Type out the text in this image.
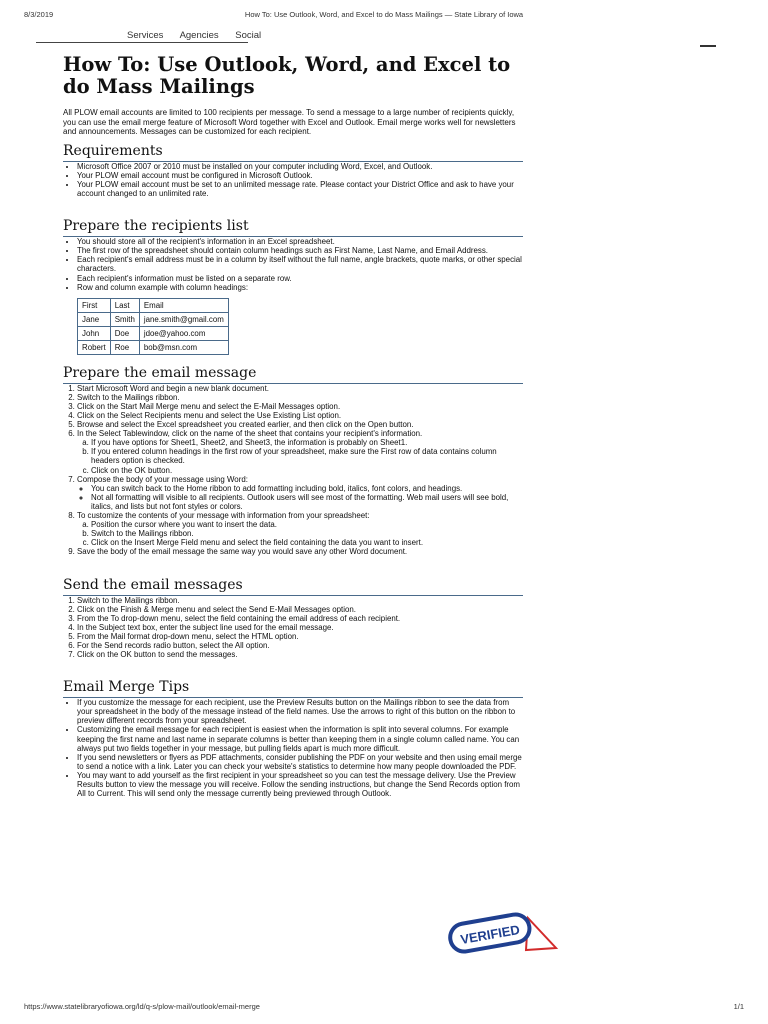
8/3/2019	How To: Use Outlook, Word, and Excel to do Mass Mailings — State Library of Iowa
Services Agencies Social
How To: Use Outlook, Word, and Excel to do Mass Mailings

All PLOW email accounts are limited to 100 recipients per message. To send a message to a large number of recipients quickly, you can use the email merge feature of Microsoft Word together with Excel and Outlook. Email merge works well for newsletters and announcements. Messages can be customized for each recipient.

Requirements
• Microsoft Office 2007 or 2010 must be installed on your computer including Word, Excel, and Outlook.
• Your PLOW email account must be configured in Microsoft Outlook.
• Your PLOW email account must be set to an unlimited message rate. Please contact your District Office and ask to have your account changed to an unlimited rate.
Prepare the recipients list
• You should store all of the recipient's information in an Excel spreadsheet.
• The first row of the spreadsheet should contain column headings such as First Name, Last Name, and Email Address.
• Each recipient's email address must be in a column by itself without the full name, angle brackets, quote marks, or other special characters.
• Each recipient's information must be listed on a separate row.
• Row and column example with column headings:
First	Last	Email
Jane	Smith	jane.smith@gmail.com
John	Doe	jdoe@yahoo.com
Robert	Roe	bob@msn.com
Prepare the email message
1. Start Microsoft Word and begin a new blank document.
2. Switch to the Mailings ribbon.
3. Click on the Start Mail Merge menu and select the E-Mail Messages option.
4. Click on the Select Recipients menu and select the Use Existing List option.
5. Browse and select the Excel spreadsheet you created earlier, and then click on the Open button.
6. In the Select Tablewindow, click on the name of the sheet that contains your recipient's information.
a. If you have options for Sheet1, Sheet2, and Sheet3, the information is probably on Sheet1.
b. If you entered column headings in the first row of your spreadsheet, make sure the First row of data contains column headers option is checked.
c. Click on the OK button.
7. Compose the body of your message using Word:
◦ You can switch back to the Home ribbon to add formatting including bold, italics, font colors, and headings.
◦ Not all formatting will visible to all recipients. Outlook users will see most of the formatting. Web mail users will see bold, italics, and lists but not font styles or colors.
8. To customize the contents of your message with information from your spreadsheet:
a. Position the cursor where you want to insert the data.
b. Switch to the Mailings ribbon.
c. Click on the Insert Merge Field menu and select the field containing the data you want to insert.
9. Save the body of the email message the same way you would save any other Word document.
Send the email messages
1. Switch to the Mailings ribbon.
2. Click on the Finish & Merge menu and select the Send E-Mail Messages option.
3. From the To drop-down menu, select the field containing the email address of each recipient.
4. In the Subject text box, enter the subject line used for the email message.
5. From the Mail format drop-down menu, select the HTML option.
6. For the Send records radio button, select the All option.
7. Click on the OK button to send the messages.
Email Merge Tips
• If you customize the message for each recipient, use the Preview Results button on the Mailings ribbon to see the data from your spreadsheet in the body of the message instead of the field names. Use the arrows to right of this button on the ribbon to preview different records from your spreadsheet.
• Customizing the email message for each recipient is easiest when the information is split into several columns. For example keeping the first name and last name in separate columns is better than keeping them in a single column called name. You can always put two fields together in your message, but pulling fields apart is much more difficult.
• If you send newsletters or flyers as PDF attachments, consider publishing the PDF on your website and then using email merge to send a notice with a link. Later you can check your website's statistics to determine how many people downloaded the PDF.
• You may want to add yourself as the first recipient in your spreadsheet so you can test the message delivery. Use the Preview Results button to view the message you will receive. Follow the sending instructions, but change the Send Records option from All to Current. This will send only the message currently being previewed through Outlook.
VERIFIED
https://www.statelibraryofiowa.org/ld/q-s/plow-mail/outlook/email-merge	1/1
